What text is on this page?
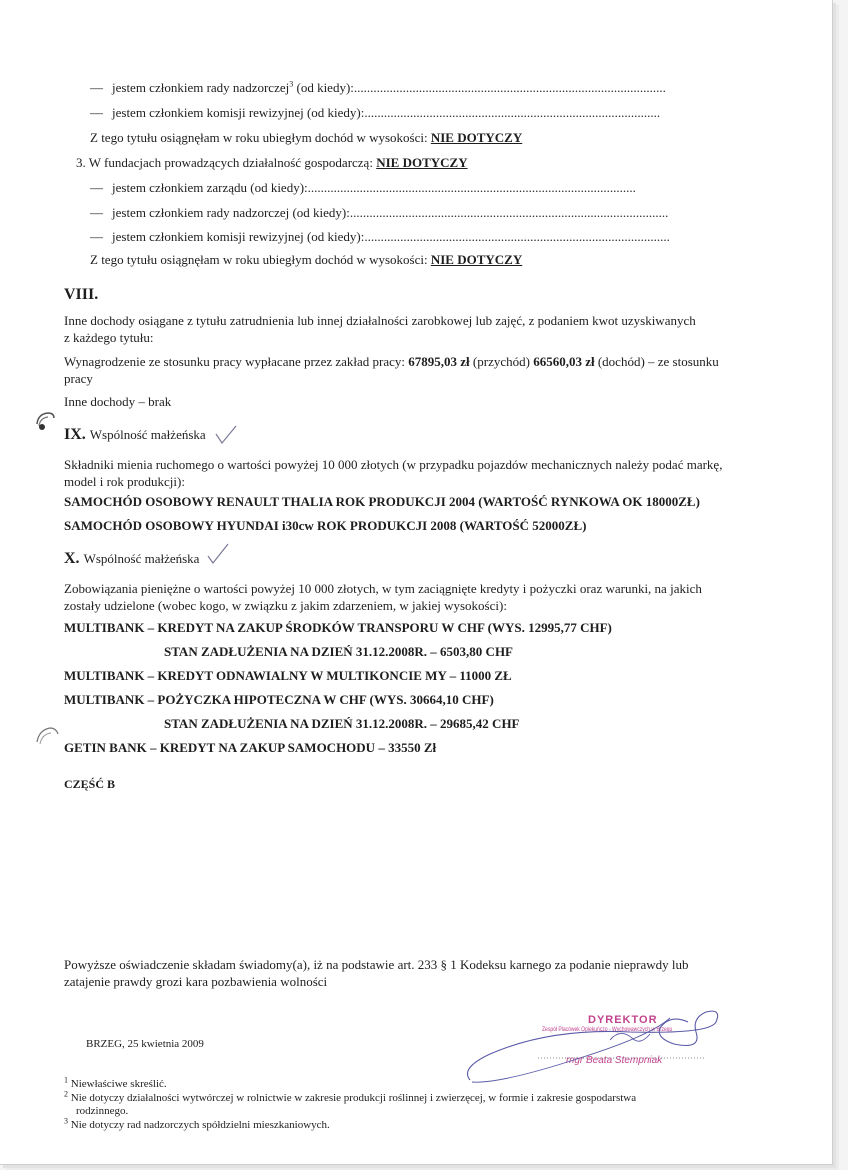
— jestem członkiem rady nadzorczej$^3$ (od kiedy):................................................................................................
— jestem członkiem komisji rewizyjnej (od kiedy):...........................................................................................
Z tego tytułu osiągnęłam w roku ubiegłym dochód w wysokości: NIE DOTYCZY
3. W fundacjach prowadzących działalność gospodarczą: NIE DOTYCZY
— jestem członkiem zarządu (od kiedy):.....................................................................................................
— jestem członkiem rady nadzorczej (od kiedy):..................................................................................................
— jestem członkiem komisji rewizyjnej (od kiedy):..............................................................................................
Z tego tytułu osiągnęłam w roku ubiegłym dochód w wysokości: NIE DOTYCZY
VIII.
Inne dochody osiągane z tytułu zatrudnienia lub innej działalności zarobkowej lub zajęć, z podaniem kwot uzyskiwanych
z każdego tytułu:
Wynagrodzenie ze stosunku pracy wypłacane przez zakład pracy: 67895,03 zł (przychód) 66560,03 zł (dochód) – ze stosunku
pracy
Inne dochody – brak
IX. Wspólność małżeńska
Składniki mienia ruchomego o wartości powyżej 10 000 złotych (w przypadku pojazdów mechanicznych należy podać markę,
model i rok produkcji):
SAMOCHÓD OSOBOWY RENAULT THALIA ROK PRODUKCJI 2004 (WARTOŚĆ RYNKOWA OK 18000ZŁ)
SAMOCHÓD OSOBOWY HYUNDAI i30cw ROK PRODUKCJI 2008 (WARTOŚĆ 52000ZŁ)
X. Wspólność małżeńska
Zobowiązania pieniężne o wartości powyżej 10 000 złotych, w tym zaciągnięte kredyty i pożyczki oraz warunki, na jakich
zostały udzielone (wobec kogo, w związku z jakim zdarzeniem, w jakiej wysokości):
MULTIBANK – KREDYT NA ZAKUP ŚRODKÓW TRANSPORU W CHF (WYS. 12995,77 CHF)
STAN ZADŁUŻENIA NA DZIEŃ 31.12.2008R. – 6503,80 CHF
MULTIBANK – KREDYT ODNAWIALNY W MULTIKONCIE MY – 11000 ZŁ
MULTIBANK – POŻYCZKA HIPOTECZNA W CHF (WYS. 30664,10 CHF)
STAN ZADŁUŻENIA NA DZIEŃ 31.12.2008R. – 29685,42 CHF
GETIN BANK – KREDYT NA ZAKUP SAMOCHODU – 33550 Zł
CZĘŚĆ B
Powyższe oświadczenie składam świadomy(a), iż na podstawie art. 233 § 1 Kodeksu karnego za podanie nieprawdy lub
zatajenie prawdy grozi kara pozbawienia wolności
BRZEG, 25 kwietnia 2009
DYREKTOR
Zespół Placówek Opiekuńczo - Wychowawczych w Brzegu
mgr Beata Stempniak
$^1$ Niewłaściwe skreślić.
$^2$ Nie dotyczy działalności wytwórczej w rolnictwie w zakresie produkcji roślinnej i zwierzęcej, w formie i zakresie gospodarstwa
rodzinnego.
$^3$ Nie dotyczy rad nadzorczych spółdzielni mieszkaniowych.
